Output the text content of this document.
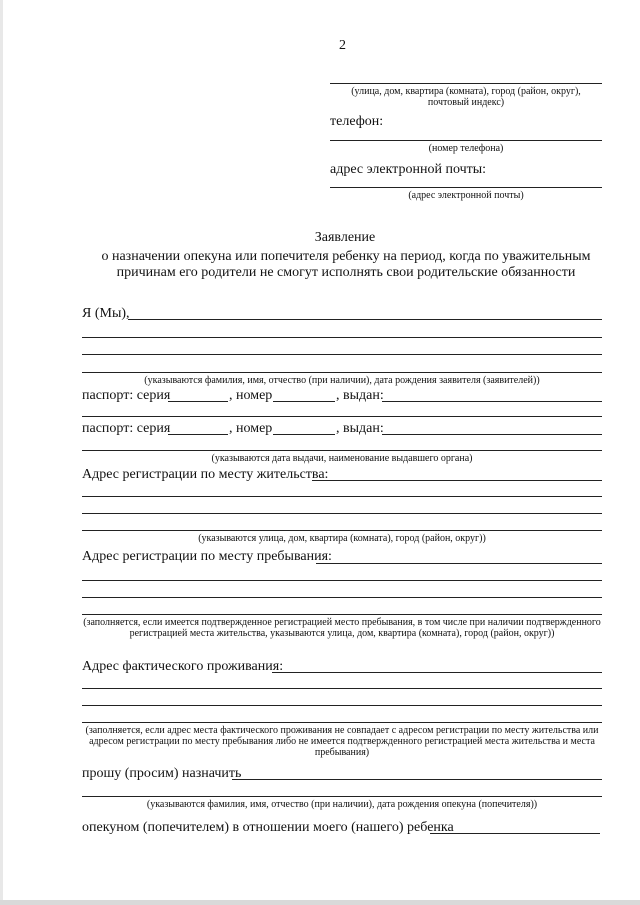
2
(улица, дом, квартира (комната), город (район, округ), почтовый индекс)
телефон:
(номер телефона)
адрес электронной почты:
(адрес электронной почты)
Заявление
о назначении опекуна или попечителя ребенку на период, когда по уважительным причинам его родители не смогут исполнять свои родительские обязанности
Я (Мы),
(указываются фамилия, имя, отчество (при наличии), дата рождения заявителя (заявителей))
паспорт: серия	, номер	, выдан:
паспорт: серия	, номер	, выдан:
(указываются дата выдачи, наименование выдавшего органа)
Адрес регистрации по месту жительства:
(указываются улица, дом, квартира (комната), город (район, округ))
Адрес регистрации по месту пребывания:
(заполняется, если имеется подтвержденное регистрацией место пребывания, в том числе при наличии подтвержденного регистрацией места жительства, указываются улица, дом, квартира (комната), город (район, округ))
Адрес фактического проживания:
(заполняется, если адрес места фактического проживания не совпадает с адресом регистрации по месту жительства или адресом регистрации по месту пребывания либо не имеется подтвержденного регистрацией места жительства и места пребывания)
прошу (просим) назначить
(указываются фамилия, имя, отчество (при наличии), дата рождения опекуна (попечителя))
опекуном (попечителем) в отношении моего (нашего) ребенка
